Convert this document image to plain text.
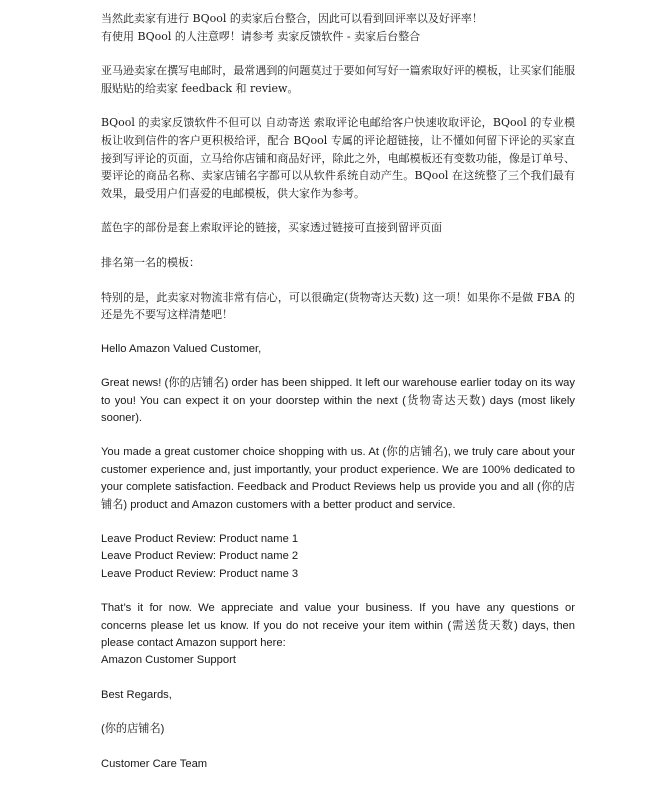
当然此卖家有进行 BQool 的卖家后台整合，因此可以看到回评率以及好评率！

有使用 BQool 的人注意啰！请参考 卖家反馈软件 - 卖家后台整合

亚马逊卖家在撰写电邮时，最常遇到的问题莫过于要如何写好一篇索取好评的模板，让买家们能服服贴贴的给卖家 feedback 和 review。

BQool 的卖家反馈软件不但可以 自动寄送 索取评论电邮给客户快速收取评论，BQool 的专业模板让收到信件的客户更积极给评，配合 BQool 专属的评论超链接，让不懂如何留下评论的买家直接到写评论的页面，立马给你店铺和商品好评，除此之外，电邮模板还有变数功能，像是订单号、要评论的商品名称、卖家店铺名字都可以从软件系统自动产生。BQool 在这统整了三个我们最有效果，最受用户们喜爱的电邮模板，供大家作为参考。

蓝色字的部份是套上索取评论的链接，买家透过链接可直接到留评页面

排名第一名的模板：

特别的是，此卖家对物流非常有信心，可以很确定(货物寄达天数) 这一项！如果你不是做 FBA 的还是先不要写这样清楚吧！

Hello Amazon Valued Customer,

Great news! (你的店铺名) order has been shipped. It left our warehouse earlier today on its way to you! You can expect it on your doorstep within the next (货物寄达天数) days (most likely sooner).

You made a great customer choice shopping with us. At (你的店铺名), we truly care about your customer experience and, just importantly, your product experience. We are 100% dedicated to your complete satisfaction. Feedback and Product Reviews help us provide you and all (你的店铺名) product and Amazon customers with a better product and service.

Leave Product Review: Product name 1

Leave Product Review: Product name 2

Leave Product Review: Product name 3

That’s it for now. We appreciate and value your business. If you have any questions or concerns please let us know. If you do not receive your item within (需送货天数) days, then please contact Amazon support here:

Amazon Customer Support

Best Regards,

(你的店铺名)

Customer Care Team
